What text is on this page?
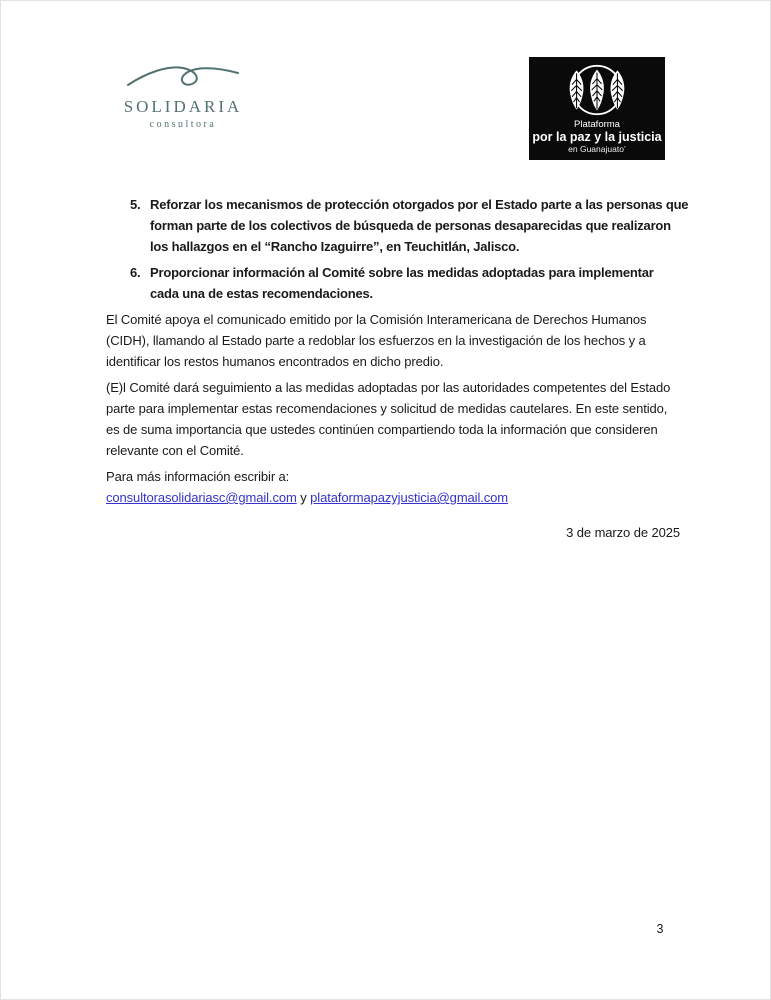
SOLIDARIA
consultora	Plataforma
por la paz y la justicia
en Guanajuato’
5. Reforzar los mecanismos de protección otorgados por el Estado parte a las personas que
forman parte de los colectivos de búsqueda de personas desaparecidas que realizaron
los hallazgos en el “Rancho Izaguirre”, en Teuchitlán, Jalisco.
6. Proporcionar información al Comité sobre las medidas adoptadas para implementar
cada una de estas recomendaciones.
El Comité apoya el comunicado emitido por la Comisión Interamericana de Derechos Humanos
(CIDH), llamando al Estado parte a redoblar los esfuerzos en la investigación de los hechos y a
identificar los restos humanos encontrados en dicho predio.
(E)l Comité dará seguimiento a las medidas adoptadas por las autoridades competentes del Estado
parte para implementar estas recomendaciones y solicitud de medidas cautelares. En este sentido,
es de suma importancia que ustedes continúen compartiendo toda la información que consideren
relevante con el Comité.
Para más información escribir a:
consultorasolidariasc@gmail.com y plataformapazyjusticia@gmail.com
3 de marzo de 2025
3
